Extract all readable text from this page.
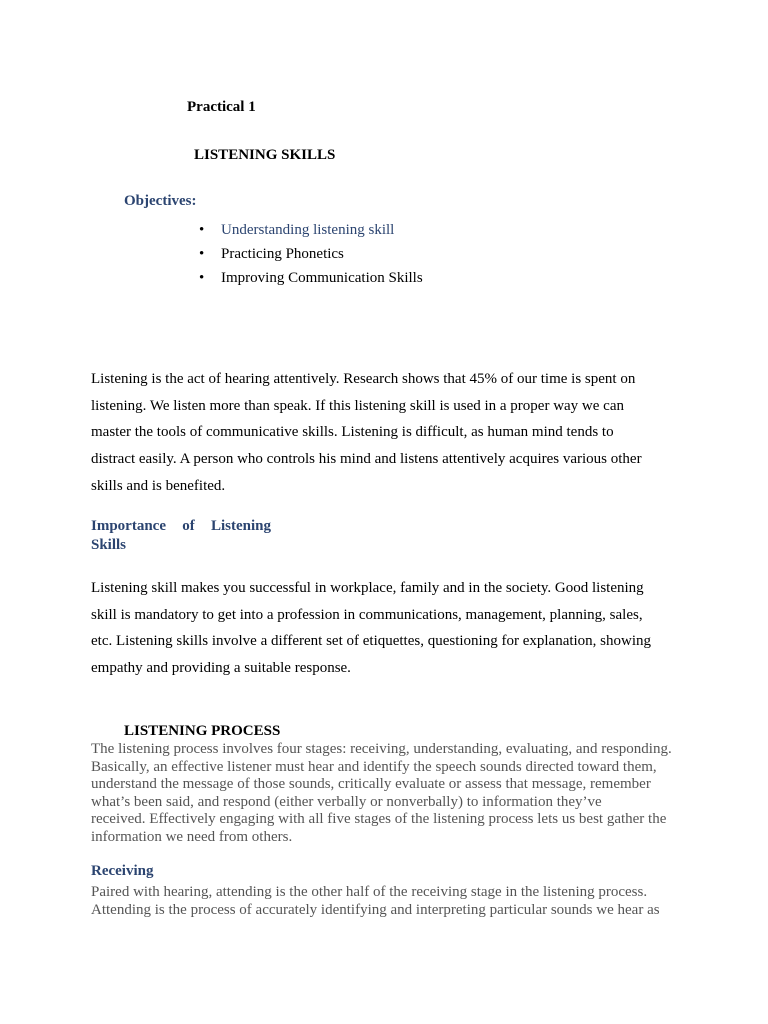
Practical 1
LISTENING SKILLS
Objectives:
• Understanding listening skill
• Practicing Phonetics
• Improving Communication Skills
Listening is the act of hearing attentively. Research shows that 45% of our time is spent on
listening. We listen more than speak. If this listening skill is used in a proper way we can
master the tools of communicative skills. Listening is difficult, as human mind tends to
distract easily. A person who controls his mind and listens attentively acquires various other
skills and is benefited.
Importance of Listening
Skills
Listening skill makes you successful in workplace, family and in the society. Good listening
skill is mandatory to get into a profession in communications, management, planning, sales,
etc. Listening skills involve a different set of etiquettes, questioning for explanation, showing
empathy and providing a suitable response.
LISTENING PROCESS
The listening process involves four stages: receiving, understanding, evaluating, and responding.
Basically, an effective listener must hear and identify the speech sounds directed toward them,
understand the message of those sounds, critically evaluate or assess that message, remember
what’s been said, and respond (either verbally or nonverbally) to information they’ve
received. Effectively engaging with all five stages of the listening process lets us best gather the
information we need from others.
Receiving
Paired with hearing, attending is the other half of the receiving stage in the listening process.
Attending is the process of accurately identifying and interpreting particular sounds we hear as
